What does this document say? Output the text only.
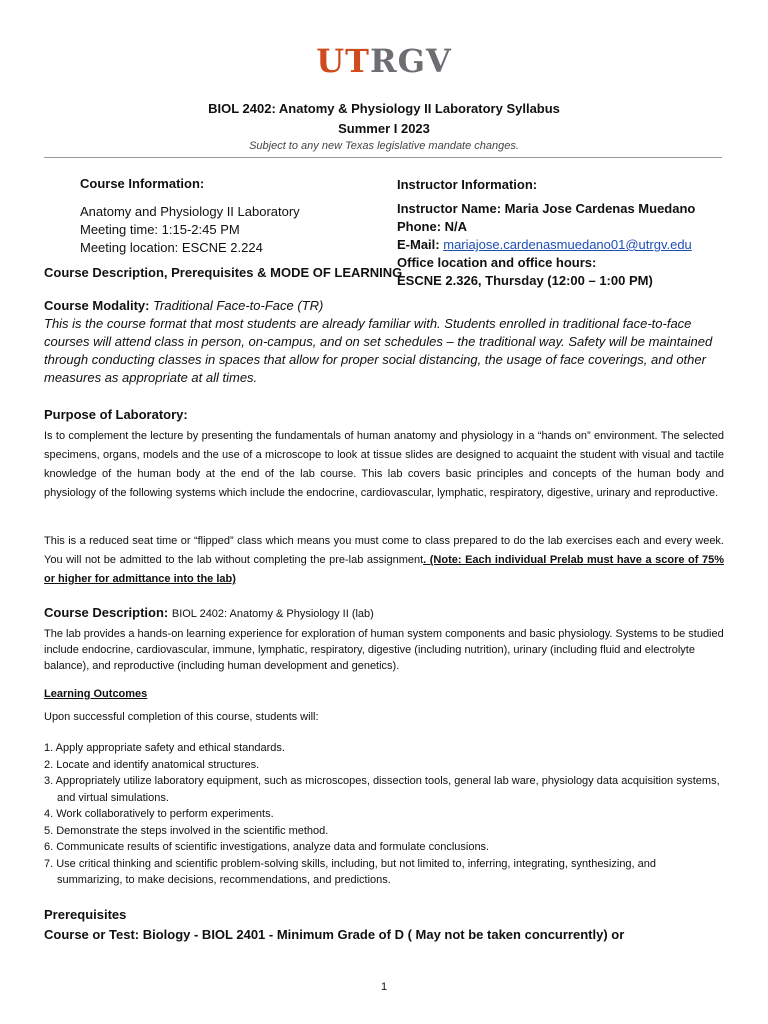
UTRGV
BIOL 2402: Anatomy & Physiology II Laboratory Syllabus
Summer I 2023
Subject to any new Texas legislative mandate changes.
Course Information:
Anatomy and Physiology II Laboratory
Meeting time: 1:15-2:45 PM
Meeting location: ESCNE 2.224
Instructor Information:
Instructor Name: Maria Jose Cardenas Muedano
Phone: N/A
E-Mail: mariajose.cardenasmuedano01@utrgv.edu
Office location and office hours:
ESCNE 2.326, Thursday (12:00 – 1:00 PM)
Course Description, Prerequisites & MODE OF LEARNING
Course Modality: Traditional Face-to-Face (TR)
This is the course format that most students are already familiar with. Students enrolled in traditional face-to-face courses will attend class in person, on-campus, and on set schedules – the traditional way. Safety will be maintained through conducting classes in spaces that allow for proper social distancing, the usage of face coverings, and other measures as appropriate at all times.
Purpose of Laboratory:
Is to complement the lecture by presenting the fundamentals of human anatomy and physiology in a “hands on” environment. The selected specimens, organs, models and the use of a microscope to look at tissue slides are designed to acquaint the student with visual and tactile knowledge of the human body at the end of the lab course. This lab covers basic principles and concepts of the human body and physiology of the following systems which include the endocrine, cardiovascular, lymphatic, respiratory, digestive, urinary and reproductive.
This is a reduced seat time or “flipped” class which means you must come to class prepared to do the lab exercises each and every week. You will not be admitted to the lab without completing the pre-lab assignment. (Note: Each individual Prelab must have a score of 75% or higher for admittance into the lab)
Course Description: BIOL 2402: Anatomy & Physiology II (lab)
The lab provides a hands-on learning experience for exploration of human system components and basic physiology. Systems to be studied include endocrine, cardiovascular, immune, lymphatic, respiratory, digestive (including nutrition), urinary (including fluid and electrolyte balance), and reproductive (including human development and genetics).
Learning Outcomes
Upon successful completion of this course, students will:
1. Apply appropriate safety and ethical standards.
2. Locate and identify anatomical structures.
3. Appropriately utilize laboratory equipment, such as microscopes, dissection tools, general lab ware, physiology data acquisition systems, and virtual simulations.
4. Work collaboratively to perform experiments.
5. Demonstrate the steps involved in the scientific method.
6. Communicate results of scientific investigations, analyze data and formulate conclusions.
7. Use critical thinking and scientific problem-solving skills, including, but not limited to, inferring, integrating, synthesizing, and summarizing, to make decisions, recommendations, and predictions.
Prerequisites
Course or Test: Biology - BIOL 2401 - Minimum Grade of D ( May not be taken concurrently) or
1
